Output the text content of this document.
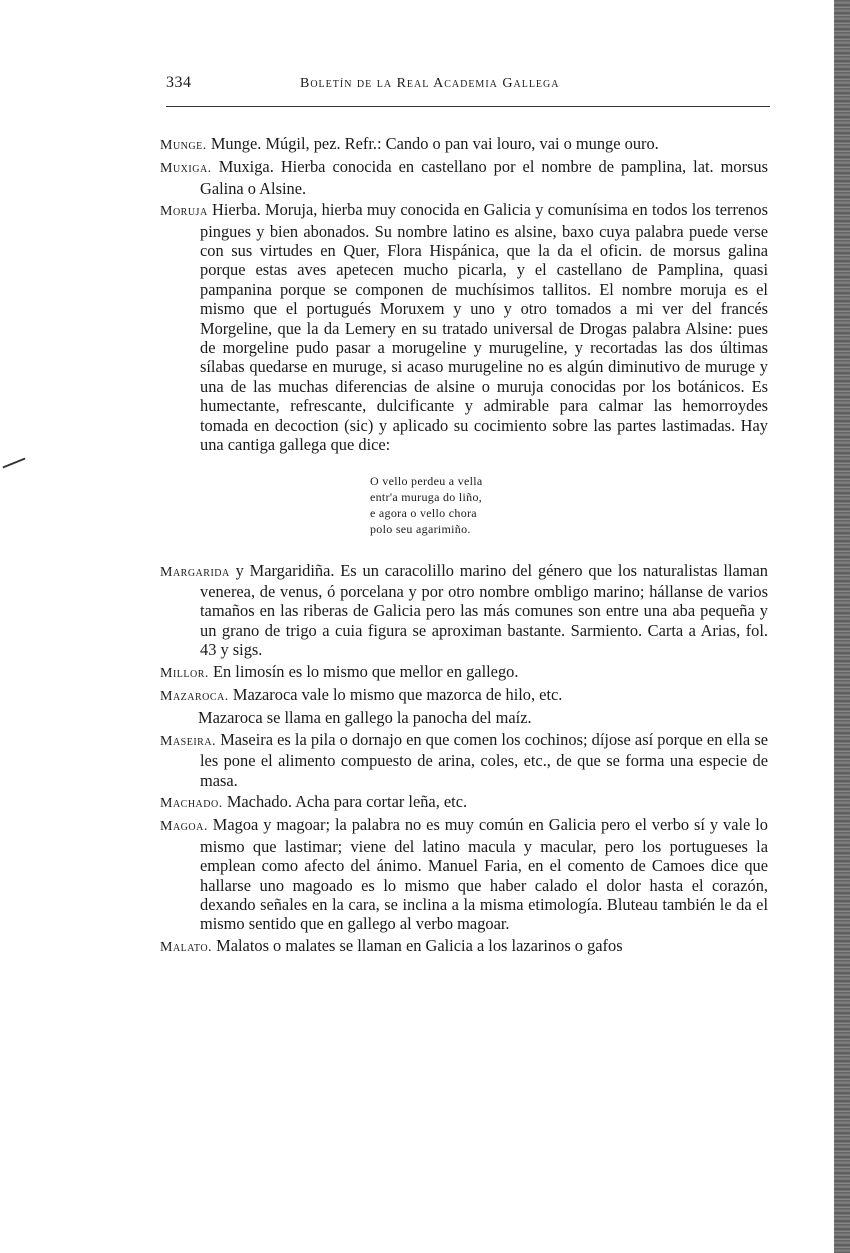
334	Boletín de la Real Academia Gallega

Munge. Munge. Múgil, pez. Refr.: Cando o pan vai louro, vai o munge ouro.

Muxiga. Muxiga. Hierba conocida en castellano por el nombre de pamplina, lat. morsus Galina o Alsine.

Moruja Hierba. Moruja, hierba muy conocida en Galicia y comunísima en todos los terrenos pingues y bien abonados. Su nombre latino es alsine, baxo cuya palabra puede verse con sus virtudes en Quer, Flora Hispánica, que la da el oficin. de morsus galina porque estas aves apetecen mucho picarla, y el castellano de Pamplina, quasi pampanina porque se componen de muchísimos tallitos. El nombre moruja es el mismo que el portugués Moruxem y uno y otro tomados a mi ver del francés Morgeline, que la da Lemery en su tratado universal de Drogas palabra Alsine: pues de morgeline pudo pasar a morugeline y murugeline, y recortadas las dos últimas sílabas quedarse en muruge, si acaso murugeline no es algún diminutivo de muruge y una de las muchas diferencias de alsine o muruja conocidas por los botánicos. Es humectante, refrescante, dulcificante y admirable para calmar las hemorroydes tomada en decoction (sic) y aplicado su cocimiento sobre las partes lastimadas. Hay una cantiga gallega que dice:

O vello perdeu a vella
entr'a muruga do liño,
e agora o vello chora
polo seu agarimiño.

Margarida y Margaridiña. Es un caracolillo marino del género que los naturalistas llaman venerea, de venus, ó porcelana y por otro nombre ombligo marino; hállanse de varios tamaños en las riberas de Galicia pero las más comunes son entre una aba pequeña y un grano de trigo a cuia figura se aproximan bastante. Sarmiento. Carta a Arias, fol. 43 y sigs.

Millor. En limosín es lo mismo que mellor en gallego.

Mazaroca. Mazaroca vale lo mismo que mazorca de hilo, etc.

Mazaroca se llama en gallego la panocha del maíz.

Maseira. Maseira es la pila o dornajo en que comen los cochinos; díjose así porque en ella se les pone el alimento compuesto de arina, coles, etc., de que se forma una especie de masa.

Machado. Machado. Acha para cortar leña, etc.

Magoa. Magoa y magoar; la palabra no es muy común en Galicia pero el verbo sí y vale lo mismo que lastimar; viene del latino macula y macular, pero los portugueses la emplean como afecto del ánimo. Manuel Faria, en el comento de Camoes dice que hallarse uno magoado es lo mismo que haber calado el dolor hasta el corazón, dexando señales en la cara, se inclina a la misma etimología. Bluteau también le da el mismo sentido que en gallego al verbo magoar.

Malato. Malatos o malates se llaman en Galicia a los lazarinos o gafos
